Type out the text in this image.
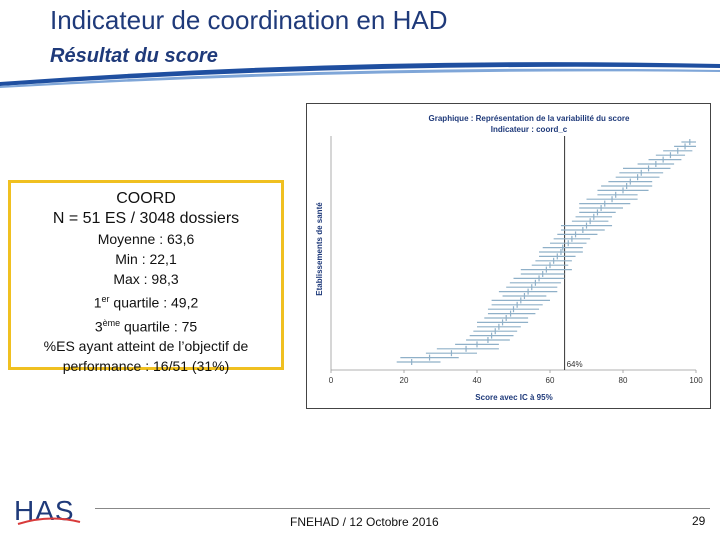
Indicateur de coordination en HAD
Résultat du score
COORD
N = 51 ES / 3048 dossiers
Moyenne : 63,6
Min : 22,1
Max : 98,3
1er quartile : 49,2
3ème quartile : 75
%ES ayant atteint de l’objectif de
performance : 16/51 (31%)
Graphique : Représentation de la variabilité du score
Indicateur : coord_c
Etablissements de santé
Score avec IC à 95%
0	20	40	60	80	100
64%
HAS	FNEHAD / 12 Octobre 2016	29
